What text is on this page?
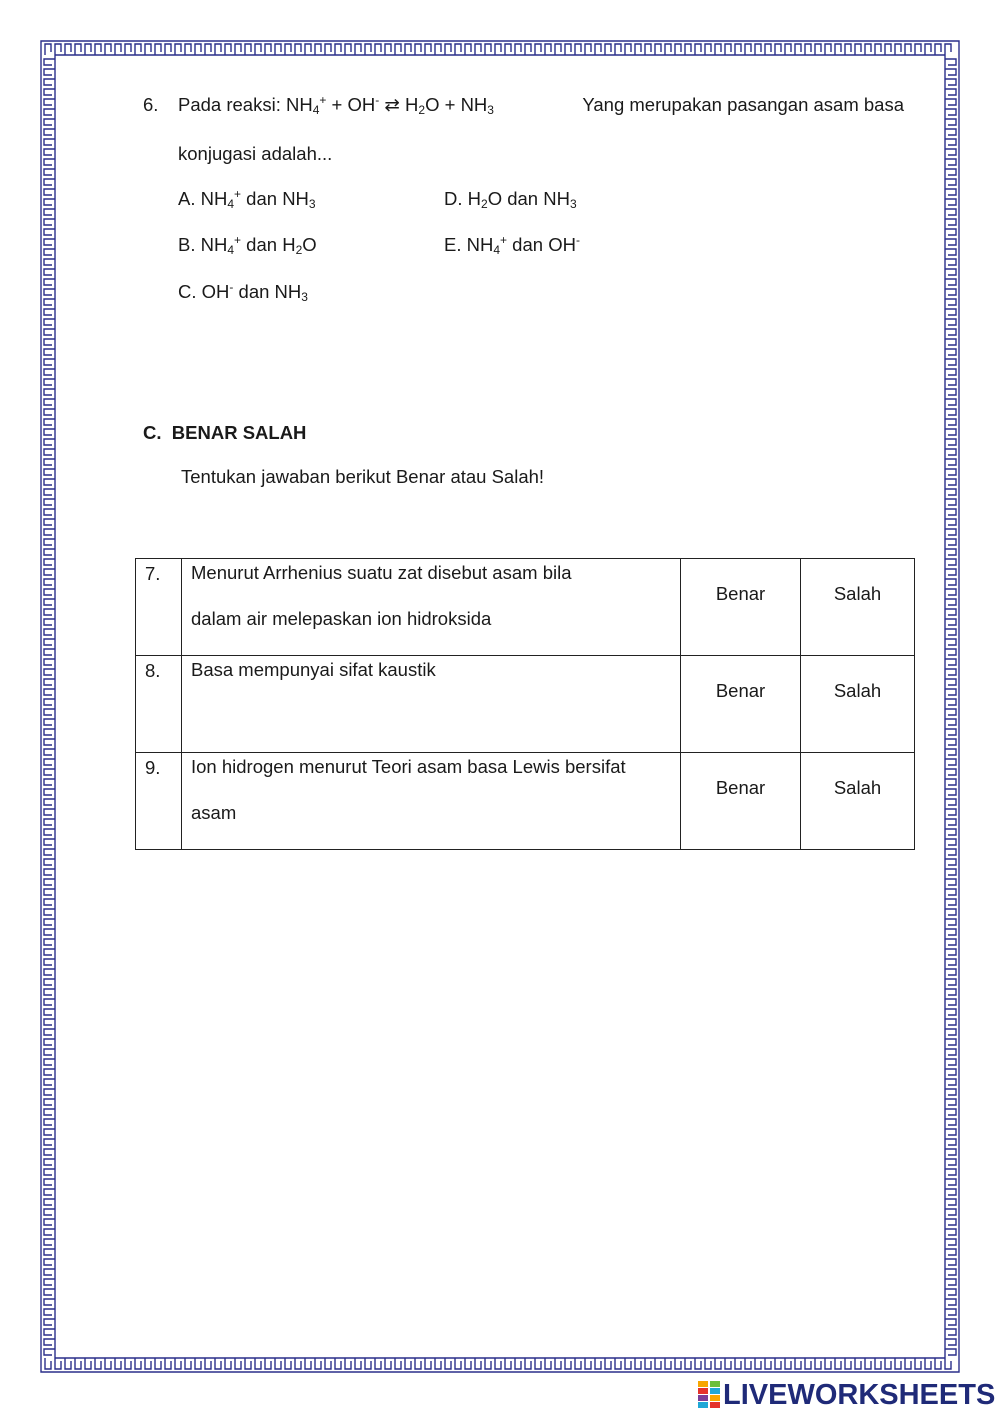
6. Pada reaksi: $NH_4^+ + OH^-$ ⇄ $H_2O + NH_3$	Yang merupakan pasangan asam basa
konjugasi adalah...
A. $NH_4^+$ dan $NH_3$	D. $H_2O$ dan $NH_3$
B. $NH_4^+$ dan $H_2O$	E. $NH_4^+$ dan OH-
C. OH- dan $NH_3$
C.  BENAR SALAH
Tentukan jawaban berikut Benar atau Salah!
7.	Menurut Arrhenius suatu zat disebut asam bila
dalam air melepaskan ion hidroksida	Benar	Salah

8.	Basa mempunyai sifat kaustik	Benar	Salah

9.	Ion hidrogen menurut Teori asam basa Lewis bersifat
asam	Benar	Salah
LIVEWORKSHEETS
